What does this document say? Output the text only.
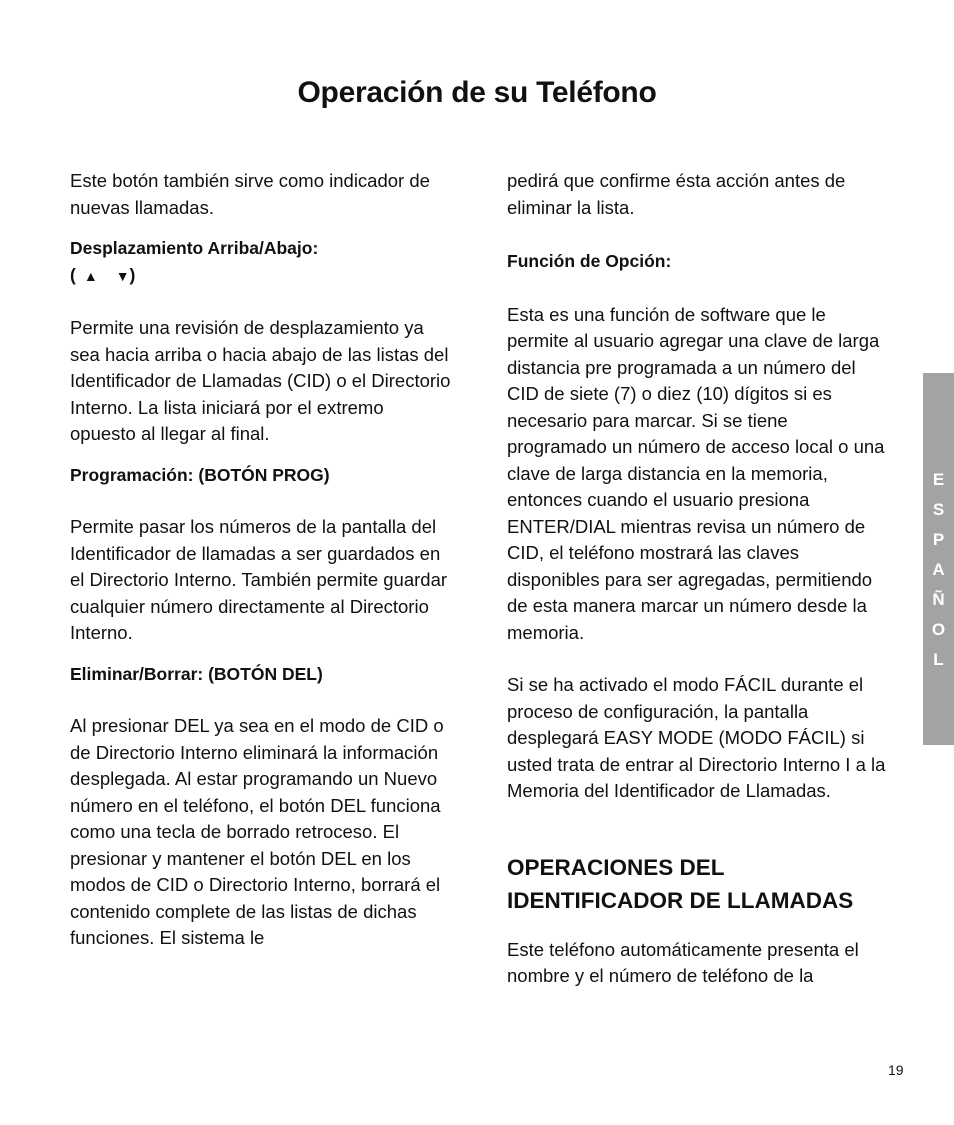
Operación de su Teléfono

Este botón también sirve como indicador de nuevas llamadas.

Desplazamiento Arriba/Abajo:

( ▲ ▼)

Permite una revisión de desplazamiento ya sea hacia arriba o hacia abajo de las listas del Identificador de Llamadas (CID) o el Directorio Interno. La lista iniciará por el extremo opuesto al llegar al final.

Programación: (BOTÓN PROG)

Permite pasar los números de la pantalla del Identificador de llamadas a ser guardados en el Directorio Interno. También permite guardar cualquier número directamente al Directorio Interno.

Eliminar/Borrar: (BOTÓN DEL)

Al presionar DEL ya sea en el modo de CID o de Directorio Interno eliminará la información desplegada. Al estar programando un Nuevo número en el teléfono, el botón DEL funciona como una tecla de borrado retroceso. El presionar y mantener el botón DEL en los modos de CID o Directorio Interno, borrará el contenido complete de las listas de dichas funciones. El sistema le

pedirá que confirme ésta acción antes de eliminar la lista.

Función de Opción:

Esta es una función de software que le permite al usuario agregar una clave de larga distancia pre programada a un número del CID de siete (7) o diez (10) dígitos si es necesario para marcar. Si se tiene programado un número de acceso local o una clave de larga distancia en la memoria, entonces cuando el usuario presiona ENTER/DIAL mientras revisa un número de CID, el teléfono mostrará las claves disponibles para ser agregadas, permitiendo de esta manera marcar un número desde la memoria.

Si se ha activado el modo FÁCIL durante el proceso de configuración, la pantalla desplegará EASY MODE (MODO FÁCIL) si usted trata de entrar al Directorio Interno I a la Memoria del Identificador de Llamadas.

OPERACIONES DEL IDENTIFICADOR DE LLAMADAS

Este teléfono automáticamente presenta el nombre y el número de teléfono de la

E
S
P
A
Ñ
O
L
19
